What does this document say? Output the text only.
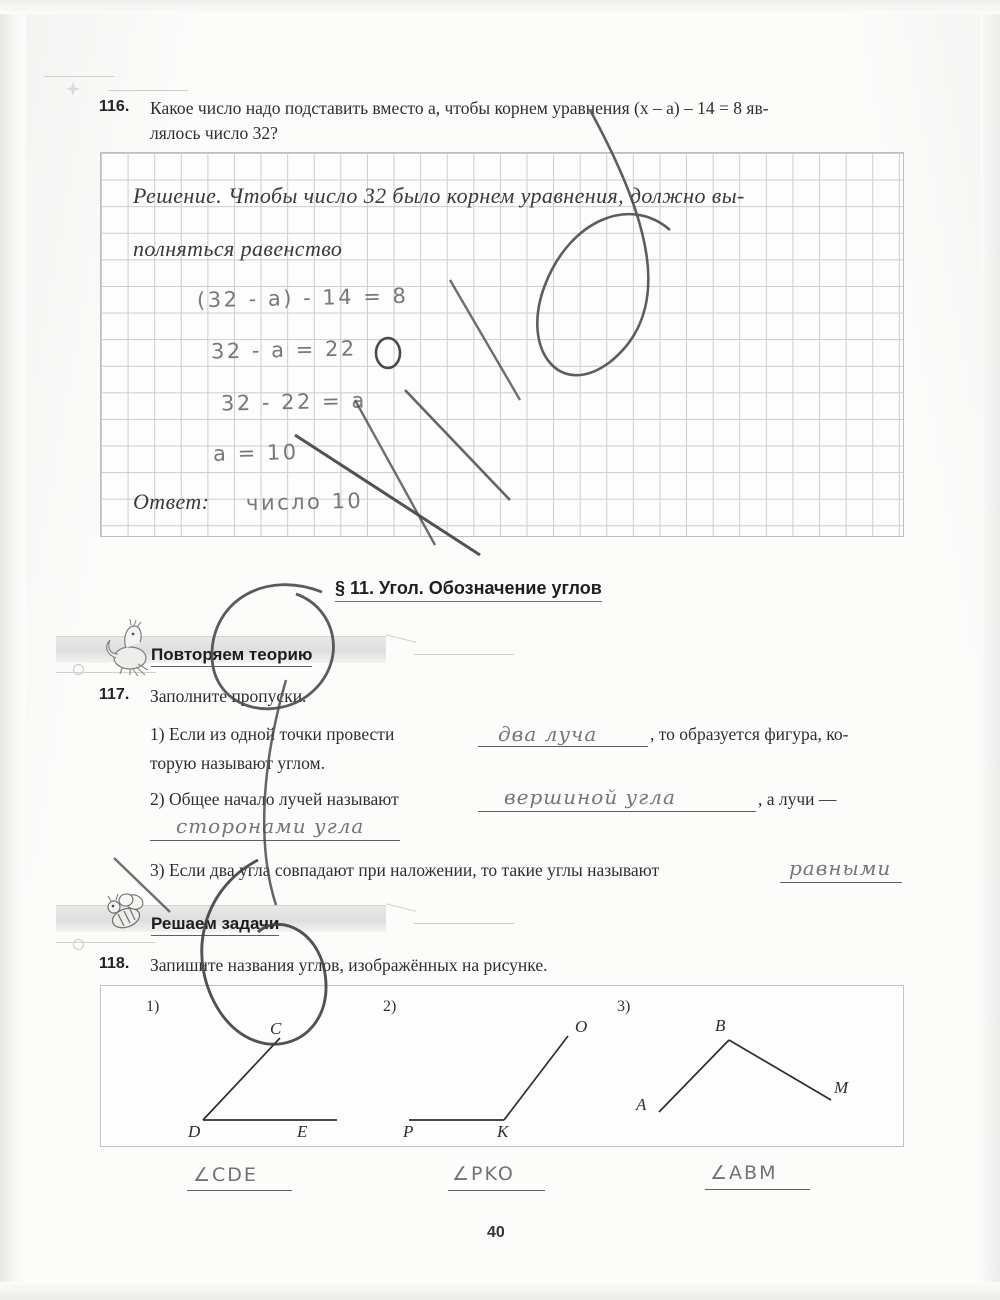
116. Какое число надо подставить вместо a, чтобы корнем уравнения (x – a) – 14 = 8 яв-
лялось число 32?
Решение. Чтобы число 32 было корнем уравнения, должно вы-
полняться равенство
(32 - a) - 14 = 8
32 - a = 22
32 - 22 = a
a = 10
Ответ: число 10
§ 11. Угол. Обозначение углов
Повторяем теорию
117. Заполните пропуски.
1) Если из одной точки провести	два луча	, то образуется фигура, ко-
торую называют углом.
2) Общее начало лучей называют	вершиной угла	, а лучи —
сторонами угла
3) Если два угла совпадают при наложении, то такие углы называют	равными
Решаем задачи
118. Запишите названия углов, изображённых на рисунке.
1)
C
D	E
2)
O
P	K
3)
B
A
M
∠CDE	∠PKO	∠ABM
40
